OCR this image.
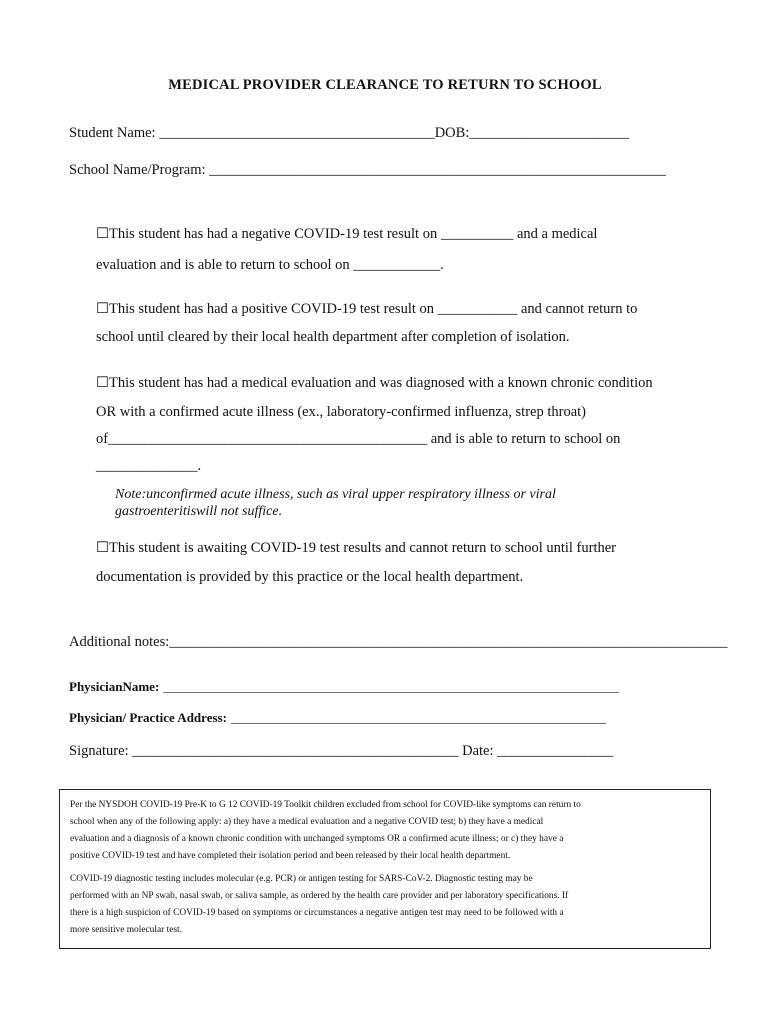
MEDICAL PROVIDER CLEARANCE TO RETURN TO SCHOOL

Student Name: ______________________________________DOB:______________________

School Name/Program: _______________________________________________________________

☐This student has had a negative COVID-19 test result on __________ and a medical

evaluation and is able to return to school on ____________.

☐This student has had a positive COVID-19 test result on ___________ and cannot return to

school until cleared by their local health department after completion of isolation.

☐This student has had a medical evaluation and was diagnosed with a known chronic condition

OR with a confirmed acute illness (ex., laboratory-confirmed influenza, strep throat)

of____________________________________________ and is able to return to school on

______________.

Note:unconfirmed acute illness, such as viral upper respiratory illness or viral

gastroenteritiswill not suffice.

☐This student is awaiting COVID-19 test results and cannot return to school until further

documentation is provided by this practice or the local health department.

Additional notes:_____________________________________________________________________________

PhysicianName: ____________________________________________________________________________

Physician/ Practice Address: ____________________________________________________________

Signature: _____________________________________________ Date: ________________

Per the NYSDOH COVID-19 Pre-K to G 12 COVID-19 Toolkit children excluded from school for COVID-like symptoms can return to

school when any of the following apply: a) they have a medical evaluation and a negative COVID test; b) they have a medical

evaluation and a diagnosis of a known chronic condition with unchanged symptoms OR a confirmed acute illness; or c) they have a

positive COVID-19 test and have completed their isolation period and been released by their local health department.

COVID-19 diagnostic testing includes molecular (e.g. PCR) or antigen testing for SARS-CoV-2. Diagnostic testing may be

performed with an NP swab, nasal swab, or saliva sample, as ordered by the health care provider and per laboratory specifications. If

there is a high suspicion of COVID-19 based on symptoms or circumstances a negative antigen test may need to be followed with a

more sensitive molecular test.
